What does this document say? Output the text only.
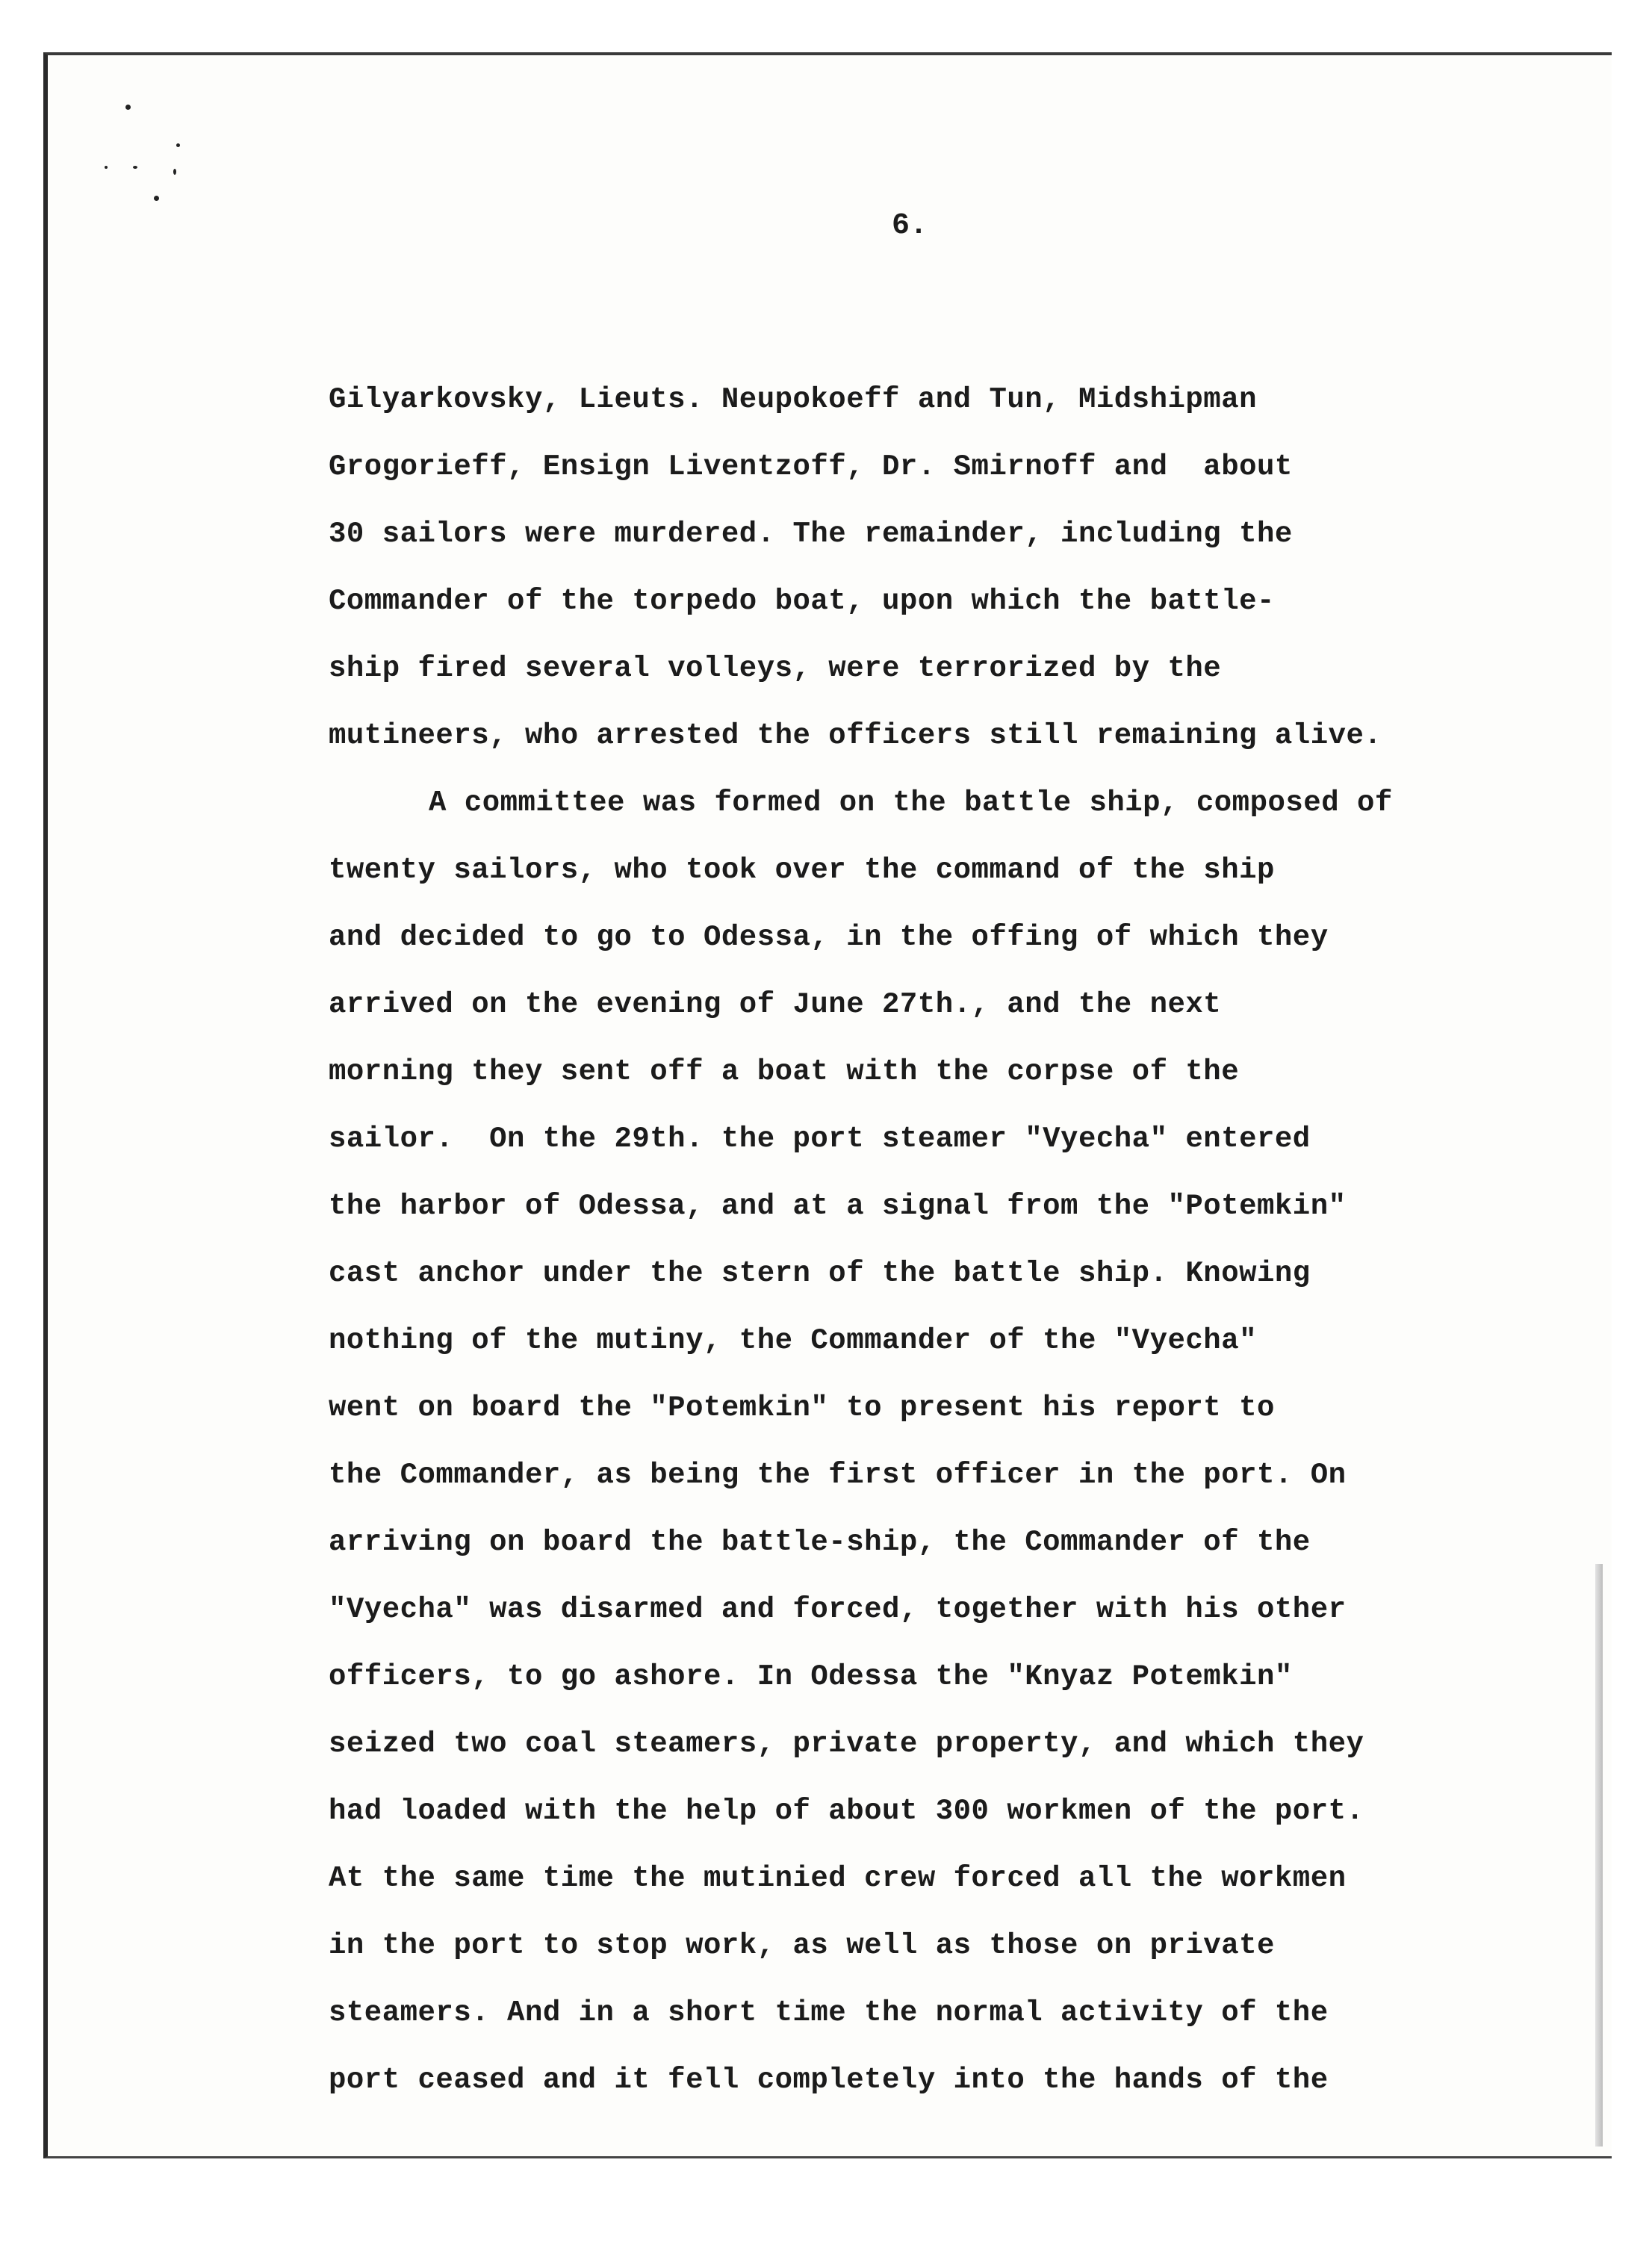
6.
Gilyarkovsky, Lieuts. Neupokoeff and Tun, Midshipman
Grogorieff, Ensign Liventzoff, Dr. Smirnoff and  about
30 sailors were murdered. The remainder, including the
Commander of the torpedo boat, upon which the battle-
ship fired several volleys, were terrorized by the
mutineers, who arrested the officers still remaining alive.
A committee was formed on the battle ship, composed of
twenty sailors, who took over the command of the ship
and decided to go to Odessa, in the offing of which they
arrived on the evening of June 27th., and the next
morning they sent off a boat with the corpse of the
sailor.  On the 29th. the port steamer "Vyecha" entered
the harbor of Odessa, and at a signal from the "Potemkin"
cast anchor under the stern of the battle ship. Knowing
nothing of the mutiny, the Commander of the "Vyecha"
went on board the "Potemkin" to present his report to
the Commander, as being the first officer in the port. On
arriving on board the battle-ship, the Commander of the
"Vyecha" was disarmed and forced, together with his other
officers, to go ashore. In Odessa the "Knyaz Potemkin"
seized two coal steamers, private property, and which they
had loaded with the help of about 300 workmen of the port.
At the same time the mutinied crew forced all the workmen
in the port to stop work, as well as those on private
steamers. And in a short time the normal activity of the
port ceased and it fell completely into the hands of the
